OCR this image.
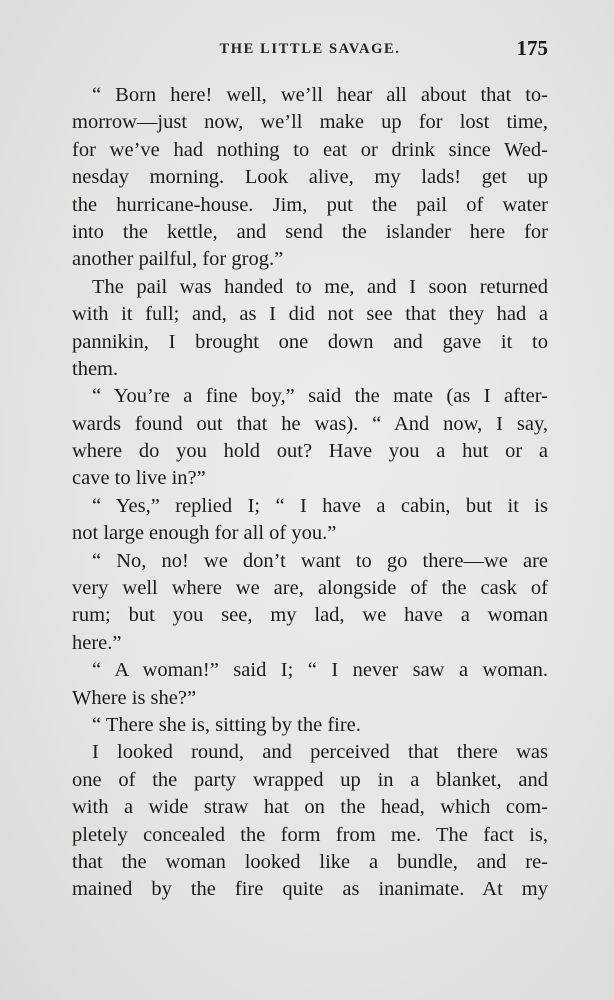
THE LITTLE SAVAGE.	175
“ Born here! well, we’ll hear all about that to-
morrow—just now, we’ll make up for lost time,
for we’ve had nothing to eat or drink since Wed-
nesday morning. Look alive, my lads! get up
the hurricane-house. Jim, put the pail of water
into the kettle, and send the islander here for
another pailful, for grog.”
The pail was handed to me, and I soon returned
with it full; and, as I did not see that they had a
pannikin, I brought one down and gave it to
them.
“ You’re a fine boy,” said the mate (as I after-
wards found out that he was). “ And now, I say,
where do you hold out? Have you a hut or a
cave to live in?”
“ Yes,” replied I; “ I have a cabin, but it is
not large enough for all of you.”
“ No, no! we don’t want to go there—we are
very well where we are, alongside of the cask of
rum; but you see, my lad, we have a woman
here.”
“ A woman!” said I; “ I never saw a woman.
Where is she?”
“ There she is, sitting by the fire.
I looked round, and perceived that there was
one of the party wrapped up in a blanket, and
with a wide straw hat on the head, which com-
pletely concealed the form from me. The fact is,
that the woman looked like a bundle, and re-
mained by the fire quite as inanimate. At my
